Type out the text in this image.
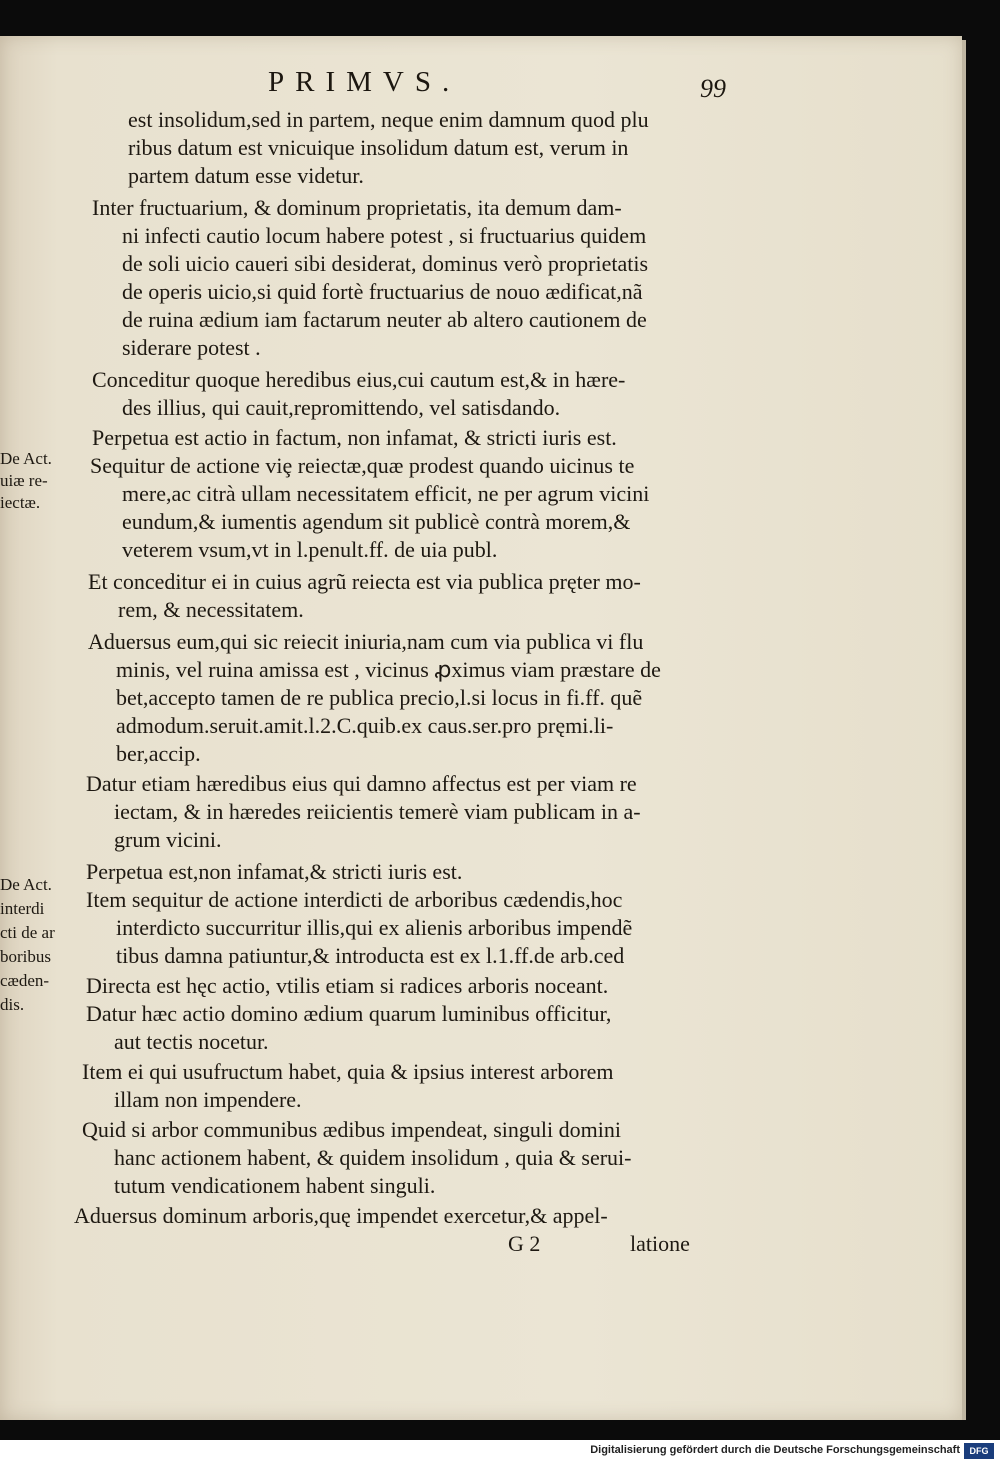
PRIMVS.	99
est insolidum,sed in partem, neque enim damnum quod plu
ribus datum est vnicuique insolidum datum est, verum in
partem datum esse videtur.
Inter fructuarium, & dominum proprietatis, ita demum dam-
ni infecti cautio locum habere potest , si fructuarius quidem
de soli uicio caueri sibi desiderat, dominus verò proprietatis
de operis uicio,si quid fortè fructuarius de nouo ædificat,nã
de ruina ædium iam factarum neuter ab altero cautionem de
siderare potest .
Conceditur quoque heredibus eius,cui cautum est,& in hære-
des illius, qui cauit,repromittendo, vel satisdando.
Perpetua est actio in factum, non infamat, & stricti iuris est.
Sequitur de actione viȩ reiectæ,quæ prodest quando uicinus te
mere,ac citrà ullam necessitatem efficit, ne per agrum vicini
eundum,& iumentis agendum sit publicè contrà morem,&
veterem vsum,vt in l.penult.ff. de uia publ.
Et conceditur ei in cuius agrũ reiecta est via publica pręter mo-
rem, & necessitatem.
Aduersus eum,qui sic reiecit iniuria,nam cum via publica vi flu
minis, vel ruina amissa est , vicinus ꝓximus viam præstare de
bet,accepto tamen de re publica precio,l.si locus in fi.ff. quẽ
admodum.seruit.amit.l.2.C.quib.ex caus.ser.pro pręmi.li-
ber,accip.
Datur etiam hæredibus eius qui damno affectus est per viam re
iectam, & in hæredes reiicientis temerè viam publicam in a-
grum vicini.
Perpetua est,non infamat,& stricti iuris est.
Item sequitur de actione interdicti de arboribus cædendis,hoc
interdicto succurritur illis,qui ex alienis arboribus impendẽ
tibus damna patiuntur,& introducta est ex l.1.ff.de arb.ced
Directa est hęc actio, vtilis etiam si radices arboris noceant.
Datur hæc actio domino ædium quarum luminibus officitur,
aut tectis nocetur.
Item ei qui usufructum habet, quia & ipsius interest arborem
illam non impendere.
Quid si arbor communibus ædibus impendeat, singuli domini
hanc actionem habent, & quidem insolidum , quia & serui-
tutum vendicationem habent singuli.
Aduersus dominum arboris,quę impendet exercetur,& appel-
G 2	latione
De Act.
uiæ re-
iectæ.
De Act.
interdi
cti de ar
boribus
cæden-
dis.
Digitalisierung gefördert durch die Deutsche Forschungsgemeinschaft	DFG
